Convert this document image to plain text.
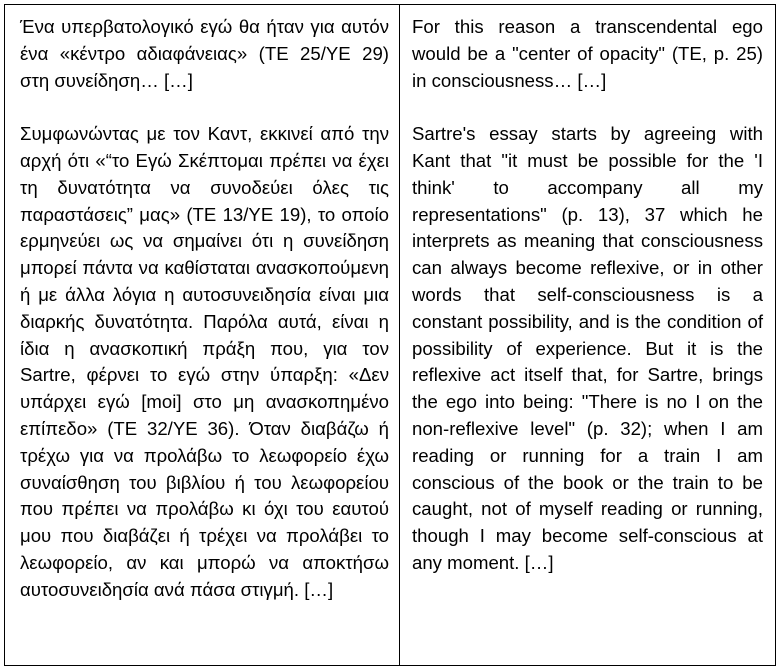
Ένα υπερβατολογικό εγώ θα ήταν για αυτόν ένα «κέντρο αδιαφάνειας» (ΤΕ 25/ΥΕ 29) στη συνείδηση… […]

Συμφωνώντας με τον Καντ, εκκινεί από την αρχή ότι «“το Εγώ Σκέπτομαι πρέπει να έχει τη δυνατότητα να συνοδεύει όλες τις παραστάσεις” μας» (ΤΕ 13/ΥΕ 19), το οποίο ερμηνεύει ως να σημαίνει ότι η συνείδηση μπορεί πάντα να καθίσταται ανασκοπούμενη ή με άλλα λόγια η αυτοσυνειδησία είναι μια διαρκής δυνατότητα. Παρόλα αυτά, είναι η ίδια η ανασκοπική πράξη που, για τον Sartre, φέρνει το εγώ στην ύπαρξη: «Δεν υπάρχει εγώ [moi] στο μη ανασκοπημένο επίπεδο» (ΤΕ 32/ΥΕ 36). Όταν διαβάζω ή τρέχω για να προλάβω το λεωφορείο έχω συναίσθηση του βιβλίου ή του λεωφορείου που πρέπει να προλάβω κι όχι του εαυτού μου που διαβάζει ή τρέχει να προλάβει το λεωφορείο, αν και μπορώ να αποκτήσω αυτοσυνειδησία ανά πάσα στιγμή. […]

For this reason a transcendental ego would be a "center of opacity" (TE, p. 25) in consciousness… […]

Sartre's essay starts by agreeing with Kant that "it must be possible for the 'I think' to accompany all my representations" (p. 13), 37 which he interprets as meaning that consciousness can always become reflexive, or in other words that self-consciousness is a constant possibility, and is the condition of possibility of experience. But it is the reflexive act itself that, for Sartre, brings the ego into being: "There is no I on the non-reflexive level" (p. 32); when I am reading or running for a train I am conscious of the book or the train to be caught, not of myself reading or running, though I may become self-conscious at any moment. […]
